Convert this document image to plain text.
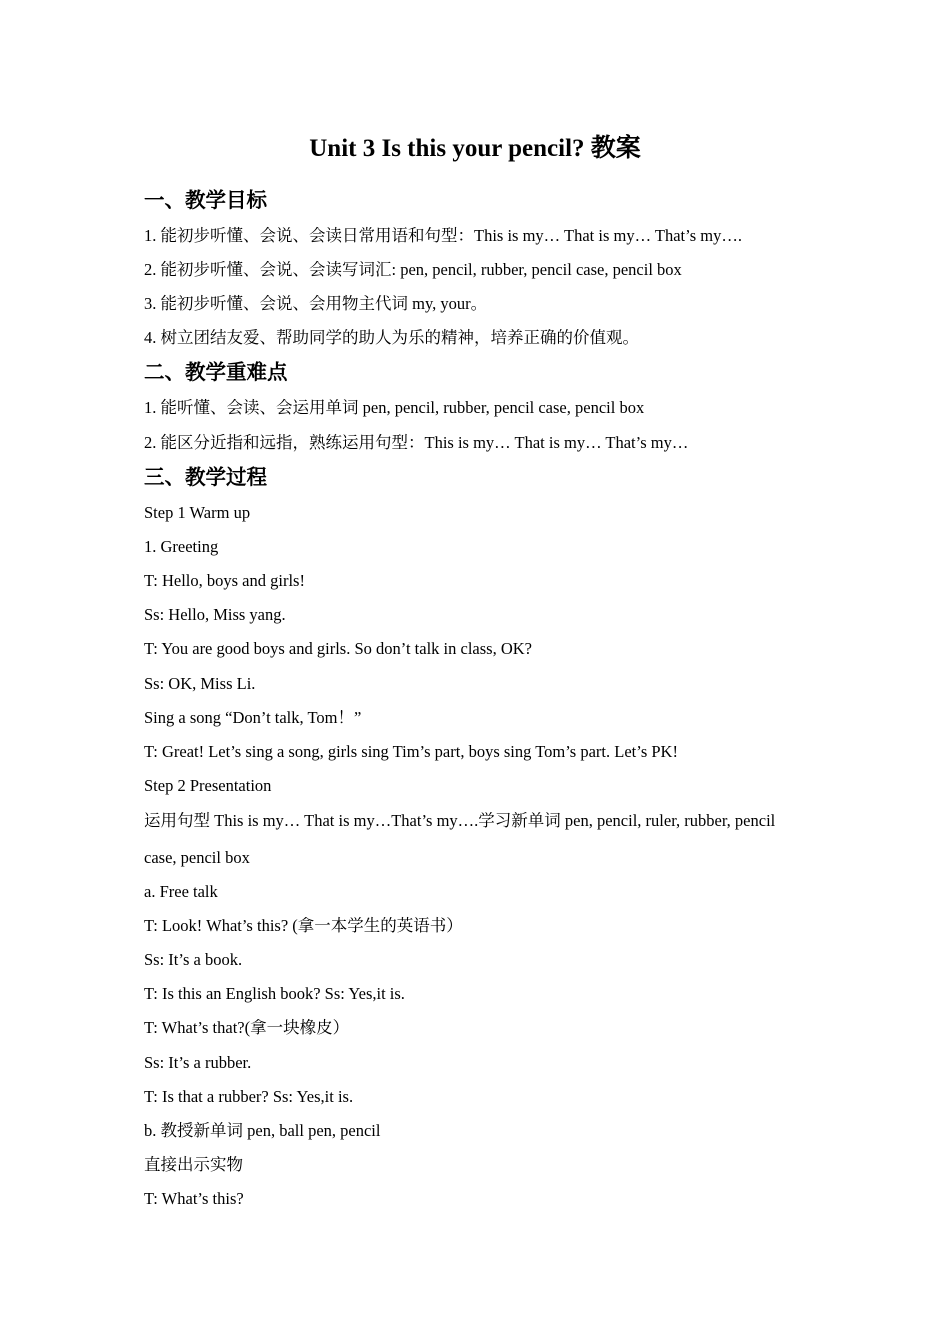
Unit 3 Is this your pencil? 教案
一、教学目标
1. 能初步听懂、会说、会读日常用语和句型：This is my… That is my… That’s my….
2. 能初步听懂、会说、会读写词汇: pen, pencil, rubber, pencil case, pencil box
3. 能初步听懂、会说、会用物主代词 my, your。
4. 树立团结友爱、帮助同学的助人为乐的精神，培养正确的价值观。
二、教学重难点
1. 能听懂、会读、会运用单词 pen, pencil, rubber, pencil case, pencil box
2. 能区分近指和远指，熟练运用句型：This is my… That is my… That’s my…
三、教学过程
Step 1 Warm up
1. Greeting
T: Hello, boys and girls!
Ss: Hello, Miss yang.
T: You are good boys and girls. So don’t talk in class, OK?
Ss: OK, Miss Li.
Sing a song “Don’t talk, Tom！”
T: Great! Let’s sing a song, girls sing Tim’s part, boys sing Tom’s part. Let’s PK!
Step 2 Presentation
运用句型 This is my… That is my…That’s my….学习新单词 pen, pencil, ruler, rubber, pencil
case, pencil box
a. Free talk
T: Look! What’s this? (拿一本学生的英语书）
Ss: It’s a book.
T: Is this an English book? Ss: Yes,it is.
T: What’s that?(拿一块橡皮）
Ss: It’s a rubber.
T: Is that a rubber? Ss: Yes,it is.
b. 教授新单词 pen, ball pen, pencil
直接出示实物
T: What’s this?
